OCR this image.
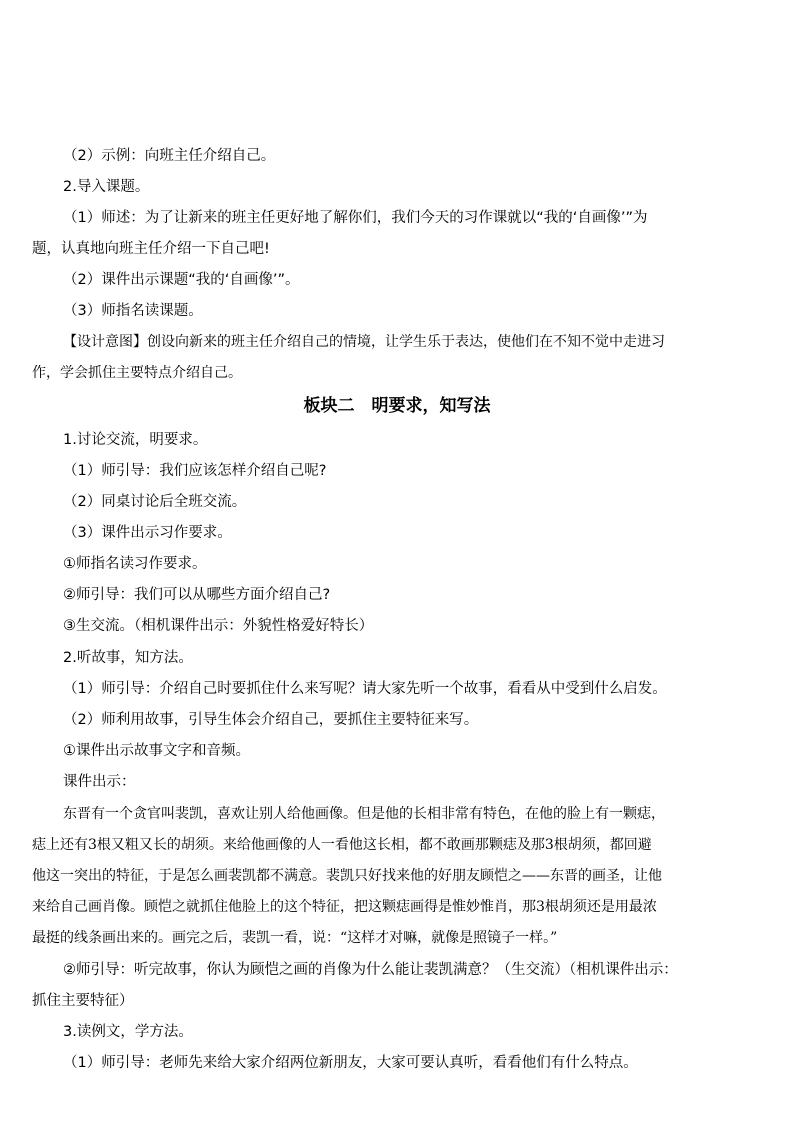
（2）示例：向班主任介绍自己。
2.导入课题。
（1）师述：为了让新来的班主任更好地了解你们，我们今天的习作课就以“我的‘自画像’”为
题，认真地向班主任介绍一下自己吧!
（2）课件出示课题“我的‘自画像’”。
（3）师指名读课题。
【设计意图】创设向新来的班主任介绍自己的情境，让学生乐于表达，使他们在不知不觉中走进习
作，学会抓住主要特点介绍自己。
板块二　明要求，知写法
1.讨论交流，明要求。
（1）师引导：我们应该怎样介绍自己呢?
（2）同桌讨论后全班交流。
（3）课件出示习作要求。
①师指名读习作要求。
②师引导：我们可以从哪些方面介绍自己?
③生交流。（相机课件出示：外貌性格爱好特长）
2.听故事，知方法。
（1）师引导：介绍自己时要抓住什么来写呢？请大家先听一个故事，看看从中受到什么启发。
（2）师利用故事，引导生体会介绍自己，要抓住主要特征来写。
①课件出示故事文字和音频。
课件出示：
东晋有一个贪官叫裴凯，喜欢让别人给他画像。但是他的长相非常有特色，在他的脸上有一颗痣，
痣上还有3根又粗又长的胡须。来给他画像的人一看他这长相，都不敢画那颗痣及那3根胡须，都回避
他这一突出的特征，于是怎么画裴凯都不满意。裴凯只好找来他的好朋友顾恺之——东晋的画圣，让他
来给自己画肖像。顾恺之就抓住他脸上的这个特征，把这颗痣画得是惟妙惟肖，那3根胡须还是用最浓
最挺的线条画出来的。画完之后，裴凯一看，说：“这样才对嘛，就像是照镜子一样。”
②师引导：听完故事，你认为顾恺之画的肖像为什么能让裴凯满意？（生交流）（相机课件出示：
抓住主要特征）
3.读例文，学方法。
（1）师引导：老师先来给大家介绍两位新朋友，大家可要认真听，看看他们有什么特点。
